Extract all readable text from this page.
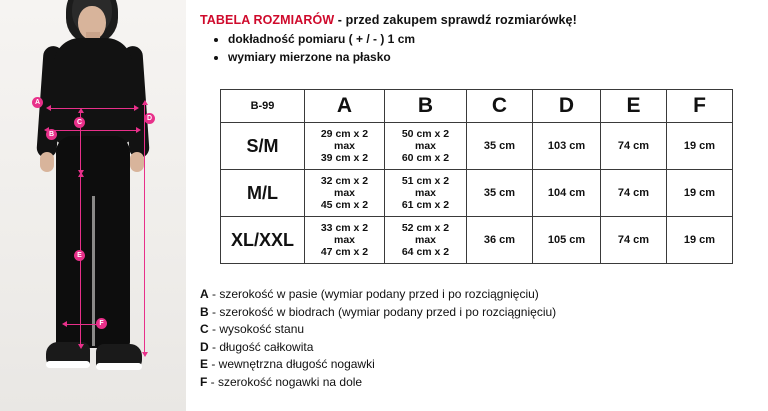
A
B
C
D
E
F
TABELA ROZMIARÓW - przed zakupem sprawdź rozmiarówkę!
• dokładność pomiaru ( + / - ) 1 cm
• wymiary mierzone na płasko
B-99	A	B	C	D	E	F
S/M	29 cm x 2
max
39 cm x 2	50 cm x 2
max
60 cm x 2	35 cm	103 cm	74 cm	19 cm
M/L	32 cm x 2
max
45 cm x 2	51 cm x 2
max
61 cm x 2	35 cm	104 cm	74 cm	19 cm
XL/XXL	33 cm x 2
max
47 cm x 2	52 cm x 2
max
64 cm x 2	36 cm	105 cm	74 cm	19 cm
A - szerokość w pasie (wymiar podany przed i po rozciągnięciu)
B - szerokość w biodrach (wymiar podany przed i po rozciągnięciu)
C - wysokość stanu
D - długość całkowita
E - wewnętrzna długość nogawki
F - szerokość nogawki na dole
